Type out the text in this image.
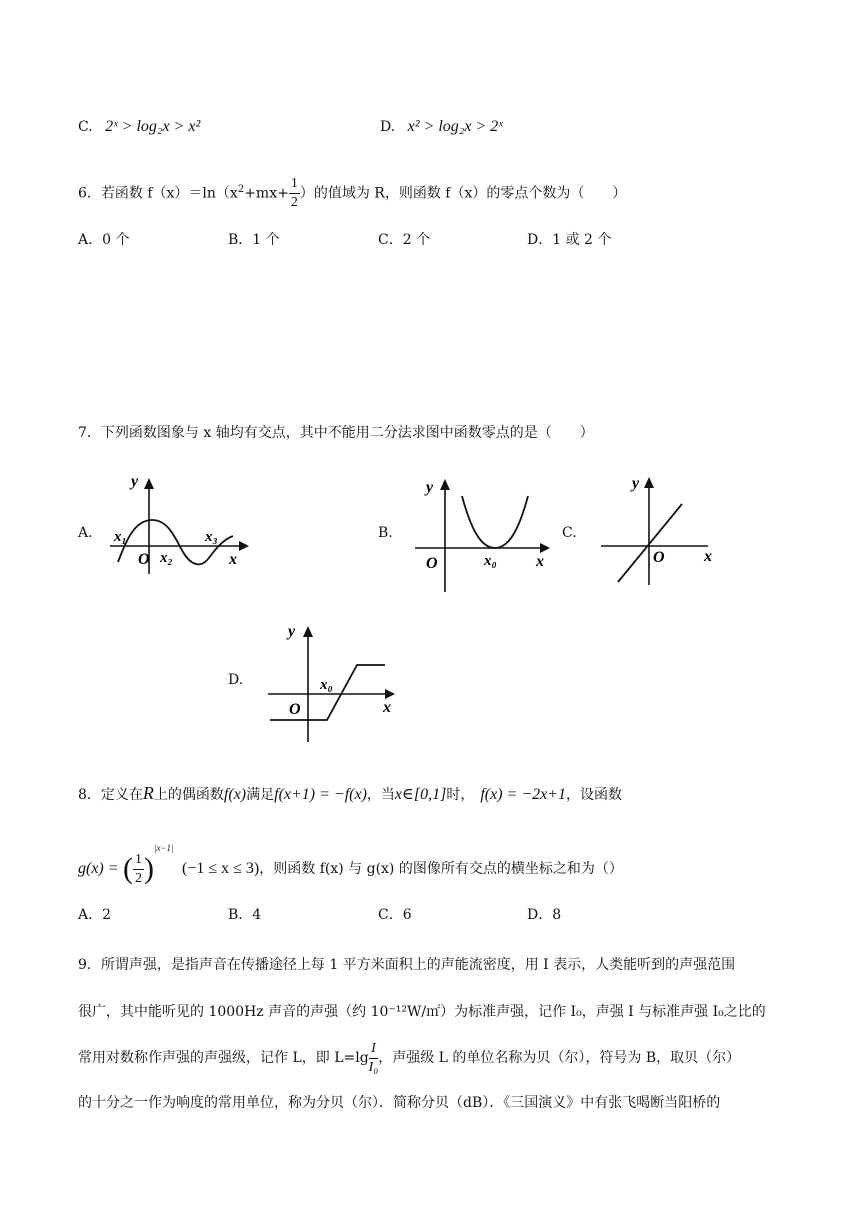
C. 2ˣ > log₂x > x²	D. x² > log₂x > 2ˣ
6．若函数 $f(x)=\ln(x^2+mx+ \frac{1}{2}$ ）的值域为 R，则函数 f（x）的零点个数为（　　）
A．0 个	B．1 个	C．2 个	D．1 或 2 个
7．下列函数图象与 x 轴均有交点，其中不能用二分法求图中函数零点的是（　　）
A.
y
x₁
O x₂
x₃
x
B.
y
O	x₀ x
C.
y
O x
D.
y
x₀
O	x
8．定义在R上的偶函数f(x)满足f(x+1) = −f(x)，当x∈[0,1]时， f(x) = −2x+1，设函数
g(x) = ( $\frac{1}{2} )^{|x-1|}$ (−1 ≤ x ≤ 3)，则函数 f(x) 与 g(x) 的图像所有交点的横坐标之和为（）
A．2	B．4	C．6	D．8
9．所谓声强，是指声音在传播途径上每 1 平方米面积上的声能流密度，用 I 表示，人类能听到的声强范围
很广，其中能听见的 1000Hz 声音的声强（约 10⁻¹²W/㎡）为标准声强，记作 I₀，声强 I 与标准声强 I₀之比的
常用对数称作声强的声强级，记作 L，即 $L=\lg \frac{I}{\text{I₀}}$ ，声强级 L 的单位名称为贝（尔），符号为 B，取贝（尔）
的十分之一作为响度的常用单位，称为分贝（尔）．简称分贝（dB）．《三国演义》中有张飞喝断当阳桥的
